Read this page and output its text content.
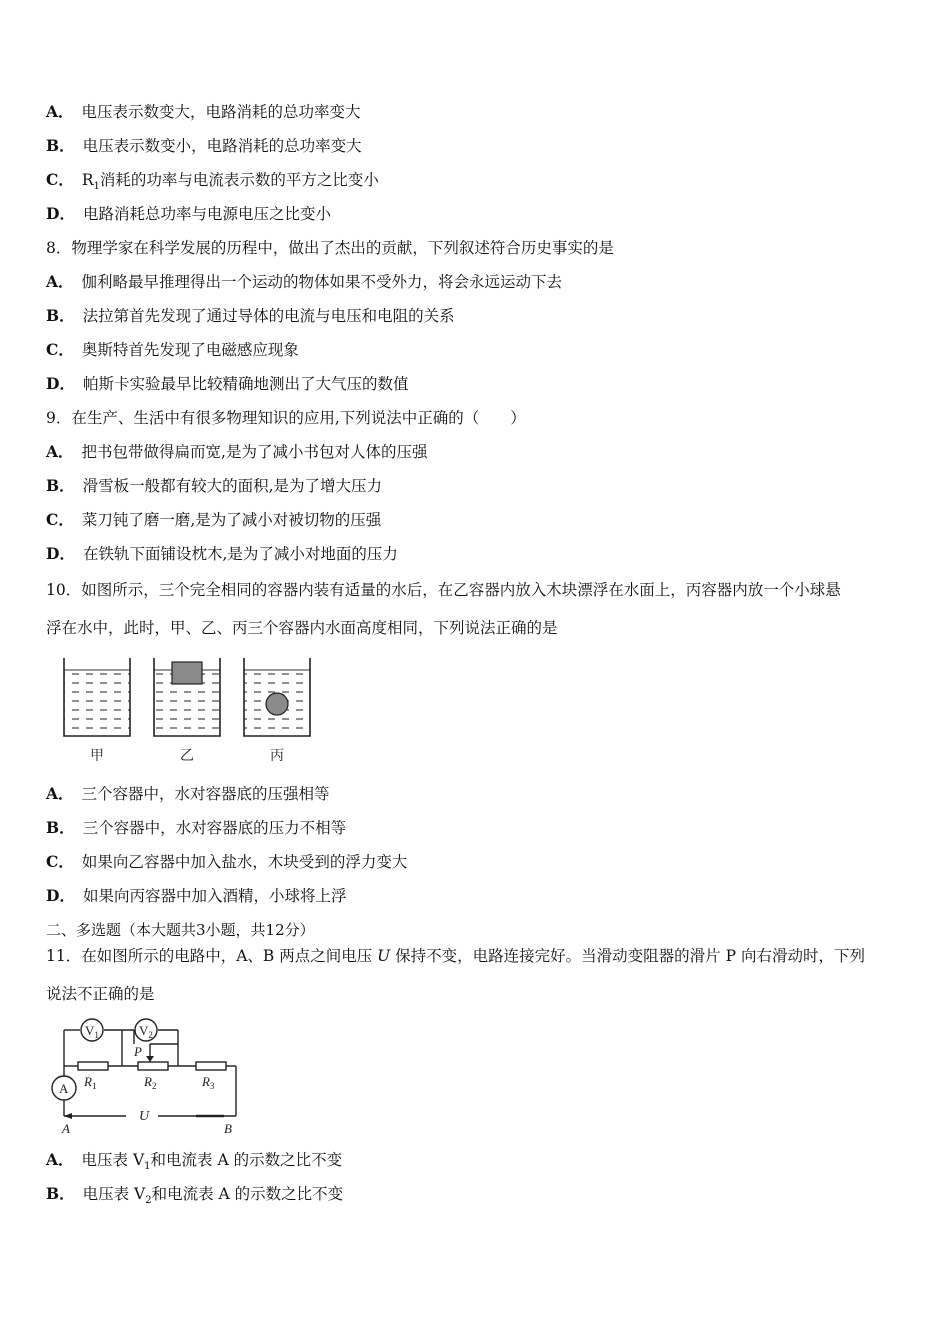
A． 电压表示数变大，电路消耗的总功率变大
B． 电压表示数变小，电路消耗的总功率变大
C． $R_1$消耗的功率与电流表示数的平方之比变小
D． 电路消耗总功率与电源电压之比变小
8．物理学家在科学发展的历程中，做出了杰出的贡献，下列叙述符合历史事实的是
A． 伽利略最早推理得出一个运动的物体如果不受外力，将会永远运动下去
B． 法拉第首先发现了通过导体的电流与电压和电阻的关系
C． 奥斯特首先发现了电磁感应现象
D． 帕斯卡实验最早比较精确地测出了大气压的数值
9．在生产、生活中有很多物理知识的应用,下列说法中正确的（　　）
A． 把书包带做得扁而宽,是为了减小书包对人体的压强
B． 滑雪板一般都有较大的面积,是为了增大压力
C． 菜刀钝了磨一磨,是为了减小对被切物的压强
D． 在铁轨下面铺设枕木,是为了减小对地面的压力
10．如图所示，三个完全相同的容器内装有适量的水后，在乙容器内放入木块漂浮在水面上，丙容器内放一个小球悬
浮在水中，此时，甲、乙、丙三个容器内水面高度相同，下列说法正确的是
甲	乙	丙
A． 三个容器中，水对容器底的压强相等
B． 三个容器中，水对容器底的压力不相等
C． 如果向乙容器中加入盐水，木块受到的浮力变大
D． 如果向丙容器中加入酒精，小球将上浮
二、多选题（本大题共3小题，共12分）
11．在如图所示的电路中，A、B 两点之间电压 U 保持不变，电路连接完好。当滑动变阻器的滑片 P 向右滑动时，下列
说法不正确的是
$V_1$	$V_2$
A
P
$R_1$	$R_2$	$R_3$
U
A	B
A． 电压表 $V_1$和电流表 A 的示数之比不变
B． 电压表 $V_2$和电流表 A 的示数之比不变
